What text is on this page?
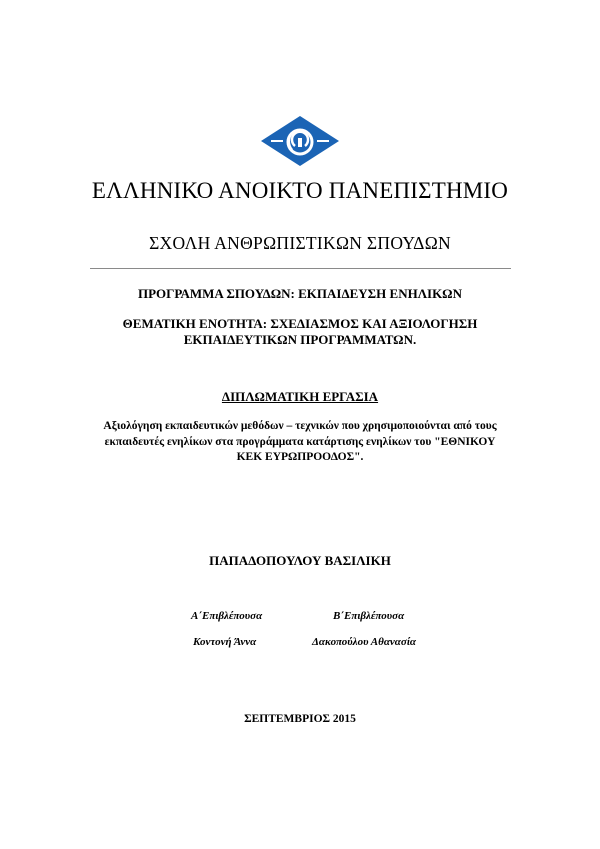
ΕΛΛΗΝΙΚΟ ΑΝΟΙΚΤΟ ΠΑΝΕΠΙΣΤΗΜΙΟ
ΣΧΟΛΗ ΑΝΘΡΩΠΙΣΤΙΚΩΝ ΣΠΟΥΔΩΝ
ΠΡΟΓΡΑΜΜΑ ΣΠΟΥΔΩΝ: ΕΚΠΑΙΔΕΥΣΗ ΕΝΗΛΙΚΩΝ
ΘΕΜΑΤΙΚΗ ΕΝΟΤΗΤΑ: ΣΧΕΔΙΑΣΜΟΣ ΚΑΙ ΑΞΙΟΛΟΓΗΣΗ
ΕΚΠΑΙΔΕΥΤΙΚΩΝ ΠΡΟΓΡΑΜΜΑΤΩΝ.
ΔΙΠΛΩΜΑΤΙΚΗ ΕΡΓΑΣΙΑ
Αξιολόγηση εκπαιδευτικών μεθόδων – τεχνικών που χρησιμοποιούνται από τους
εκπαιδευτές ενηλίκων στα προγράμματα κατάρτισης ενηλίκων του "ΕΘΝΙΚΟΥ
ΚΕΚ ΕΥΡΩΠΡΟΟΔΟΣ".
ΠΑΠΑΔΟΠΟΥΛΟΥ ΒΑΣΙΛΙΚΗ
Α΄Επιβλέπουσα
Κοντονή Άννα
Β΄Επιβλέπουσα
Δακοπούλου Αθανασία
ΣΕΠΤΕΜΒΡΙΟΣ 2015
